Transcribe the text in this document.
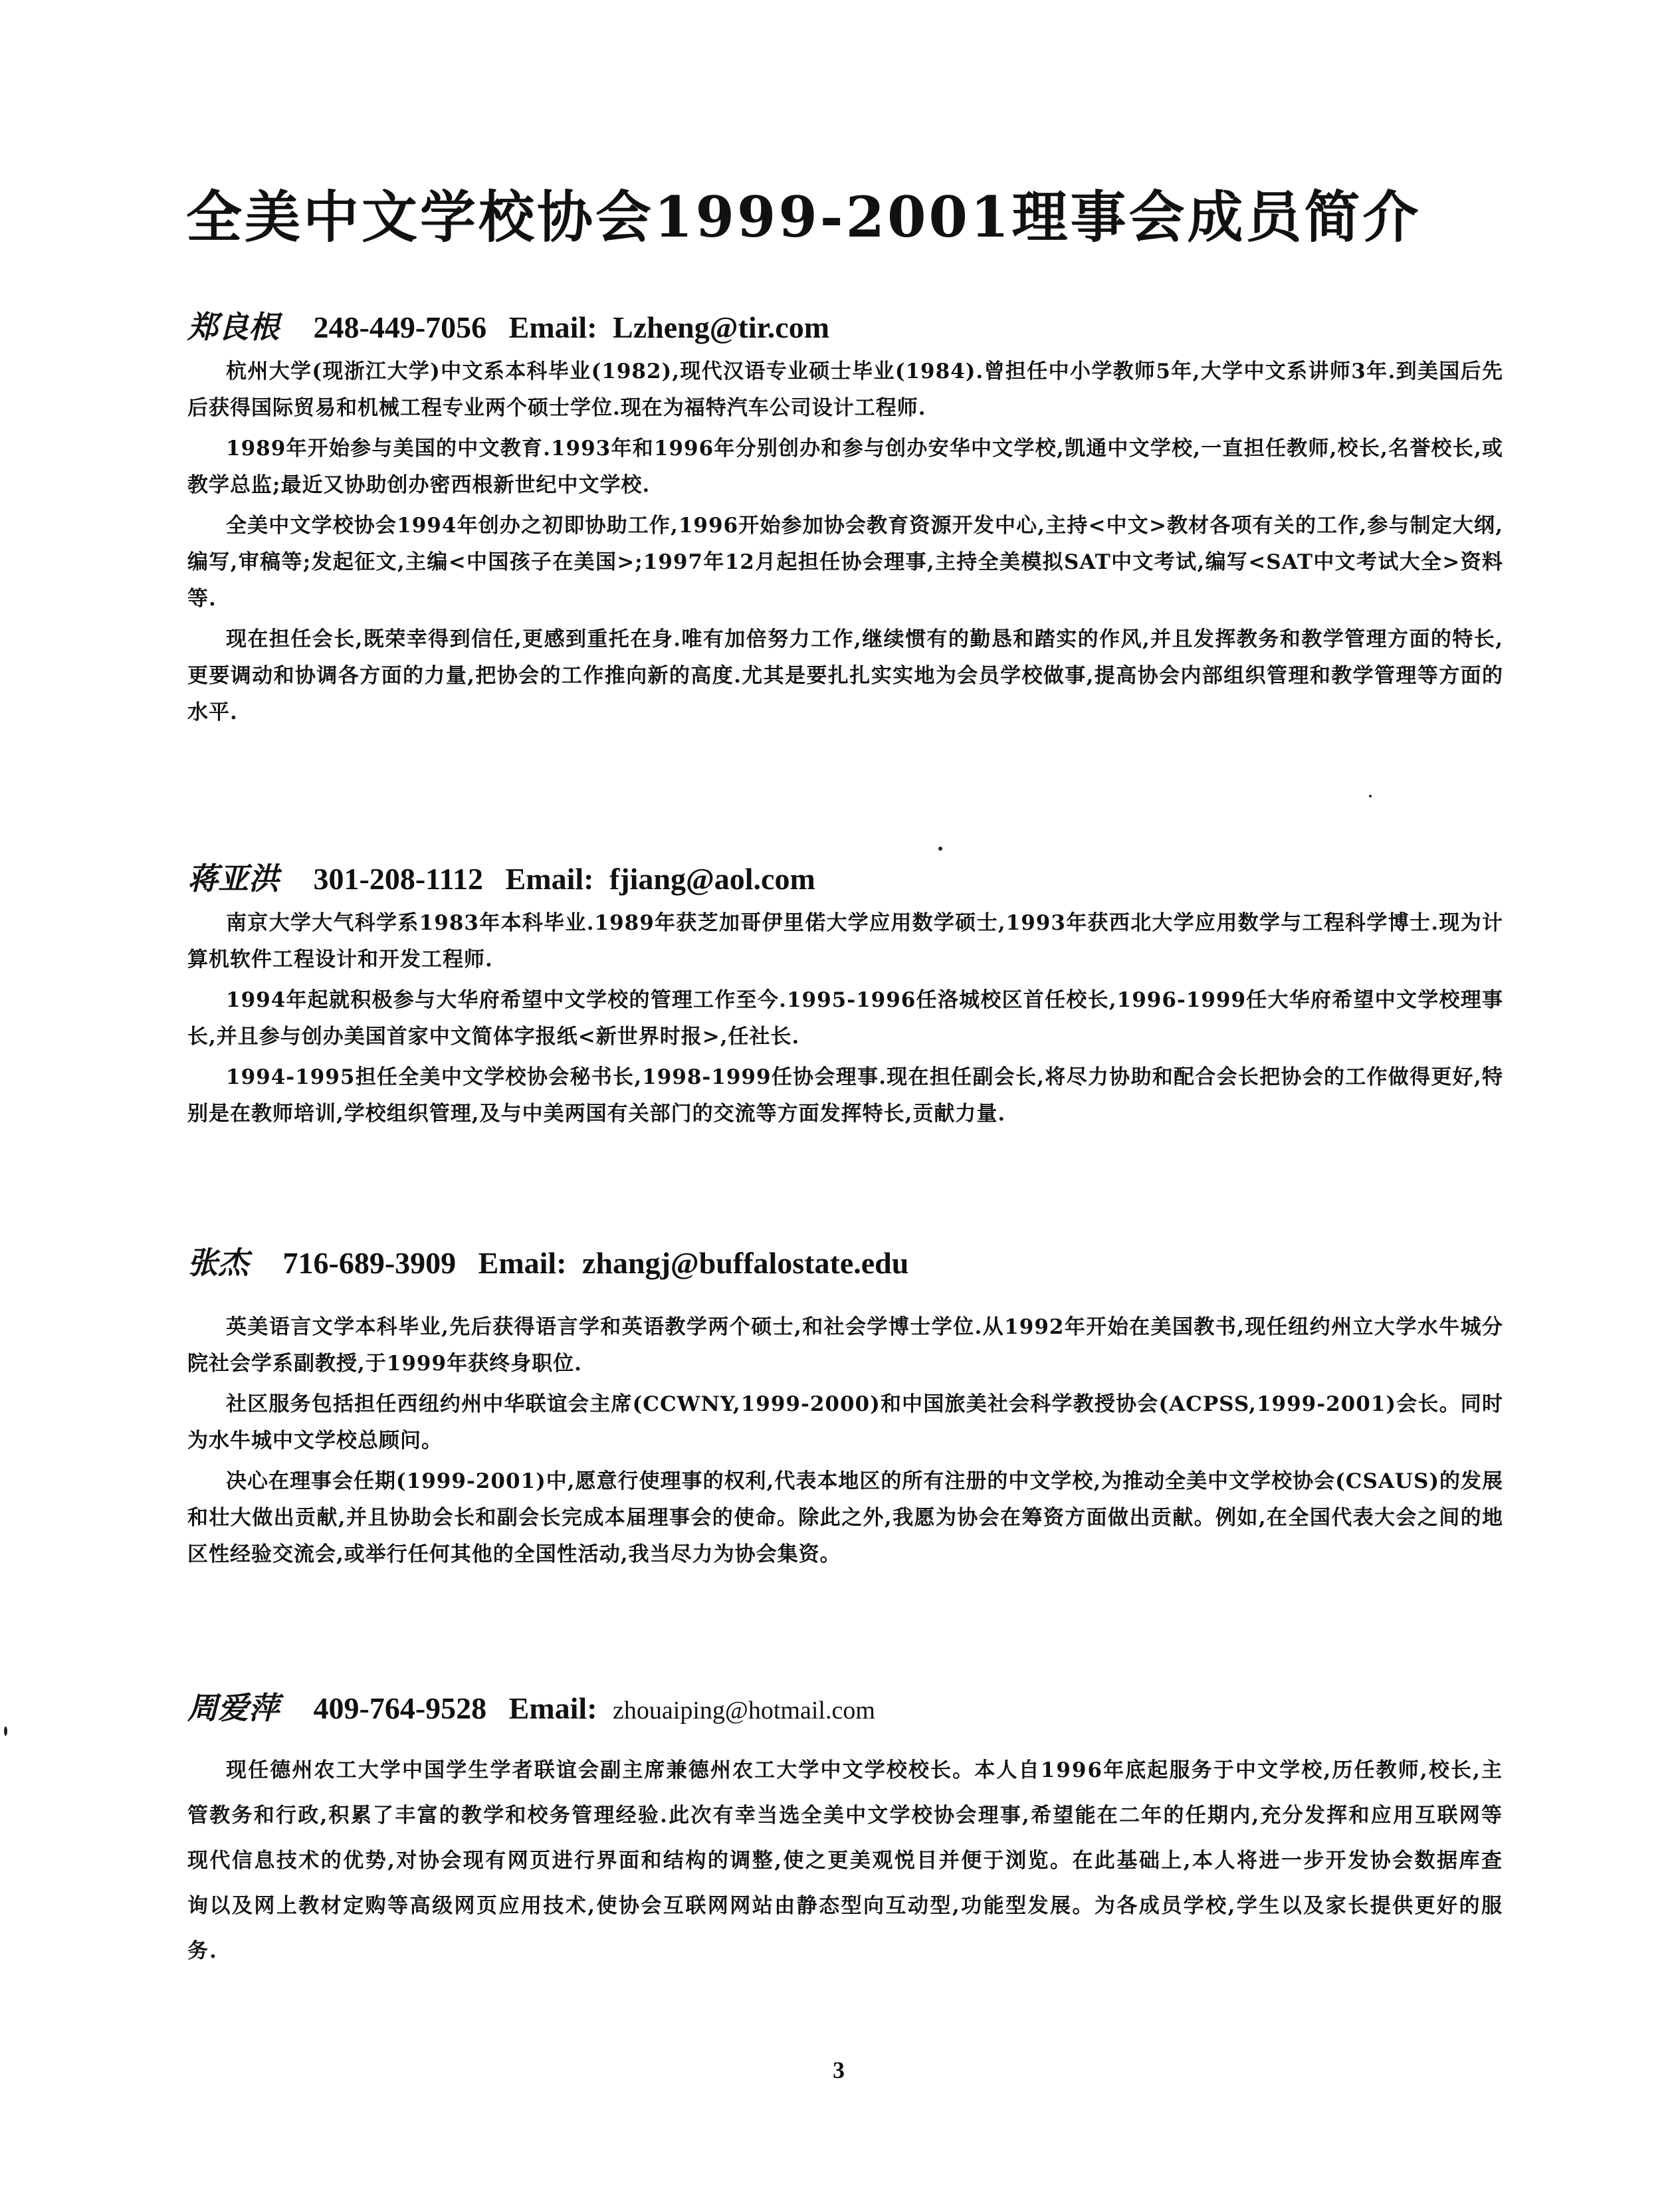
全美中文学校协会1999-2001理事会成员简介
郑良根 248-449-7056 Email: Lzheng@tir.com

杭州大学(现浙江大学)中文系本科毕业(1982),现代汉语专业硕士毕业(1984).曾担任中小学教师5年,大学中文系讲师3年.到美国后先后获得国际贸易和机械工程专业两个硕士学位.现在为福特汽车公司设计工程师.

1989年开始参与美国的中文教育.1993年和1996年分别创办和参与创办安华中文学校,凯通中文学校,一直担任教师,校长,名誉校长,或教学总监;最近又协助创办密西根新世纪中文学校.

全美中文学校协会1994年创办之初即协助工作,1996开始参加协会教育资源开发中心,主持<中文>教材各项有关的工作,参与制定大纲,编写,审稿等;发起征文,主编<中国孩子在美国>;1997年12月起担任协会理事,主持全美模拟SAT中文考试,编写<SAT中文考试大全>资料等.

现在担任会长,既荣幸得到信任,更感到重托在身.唯有加倍努力工作,继续惯有的勤恳和踏实的作风,并且发挥教务和教学管理方面的特长,更要调动和协调各方面的力量,把协会的工作推向新的高度.尤其是要扎扎实实地为会员学校做事,提高协会内部组织管理和教学管理等方面的水平.

蒋亚洪 301-208-1112 Email: fjiang@aol.com

南京大学大气科学系1983年本科毕业.1989年获芝加哥伊里偌大学应用数学硕士,1993年获西北大学应用数学与工程科学博士.现为计算机软件工程设计和开发工程师.

1994年起就积极参与大华府希望中文学校的管理工作至今.1995-1996任洛城校区首任校长,1996-1999任大华府希望中文学校理事长,并且参与创办美国首家中文简体字报纸<新世界时报>,任社长.

1994-1995担任全美中文学校协会秘书长,1998-1999任协会理事.现在担任副会长,将尽力协助和配合会长把协会的工作做得更好,特别是在教师培训,学校组织管理,及与中美两国有关部门的交流等方面发挥特长,贡献力量.

张杰 716-689-3909 Email: zhangj@buffalostate.edu

英美语言文学本科毕业,先后获得语言学和英语教学两个硕士,和社会学博士学位.从1992年开始在美国教书,现任纽约州立大学水牛城分院社会学系副教授,于1999年获终身职位.

社区服务包括担任西纽约州中华联谊会主席(CCWNY,1999-2000)和中国旅美社会科学教授协会(ACPSS,1999-2001)会长。同时为水牛城中文学校总顾问。

决心在理事会任期(1999-2001)中,愿意行使理事的权利,代表本地区的所有注册的中文学校,为推动全美中文学校协会(CSAUS)的发展和壮大做出贡献,并且协助会长和副会长完成本届理事会的使命。除此之外,我愿为协会在筹资方面做出贡献。例如,在全国代表大会之间的地区性经验交流会,或举行任何其他的全国性活动,我当尽力为协会集资。

周爱萍 409-764-9528 Email: zhouaiping@hotmail.com

现任德州农工大学中国学生学者联谊会副主席兼德州农工大学中文学校校长。本人自1996年底起服务于中文学校,历任教师,校长,主管教务和行政,积累了丰富的教学和校务管理经验.此次有幸当选全美中文学校协会理事,希望能在二年的任期内,充分发挥和应用互联网等现代信息技术的优势,对协会现有网页进行界面和结构的调整,使之更美观悦目并便于浏览。在此基础上,本人将进一步开发协会数据库查询以及网上教材定购等高级网页应用技术,使协会互联网网站由静态型向互动型,功能型发展。为各成员学校,学生以及家长提供更好的服务.

3
